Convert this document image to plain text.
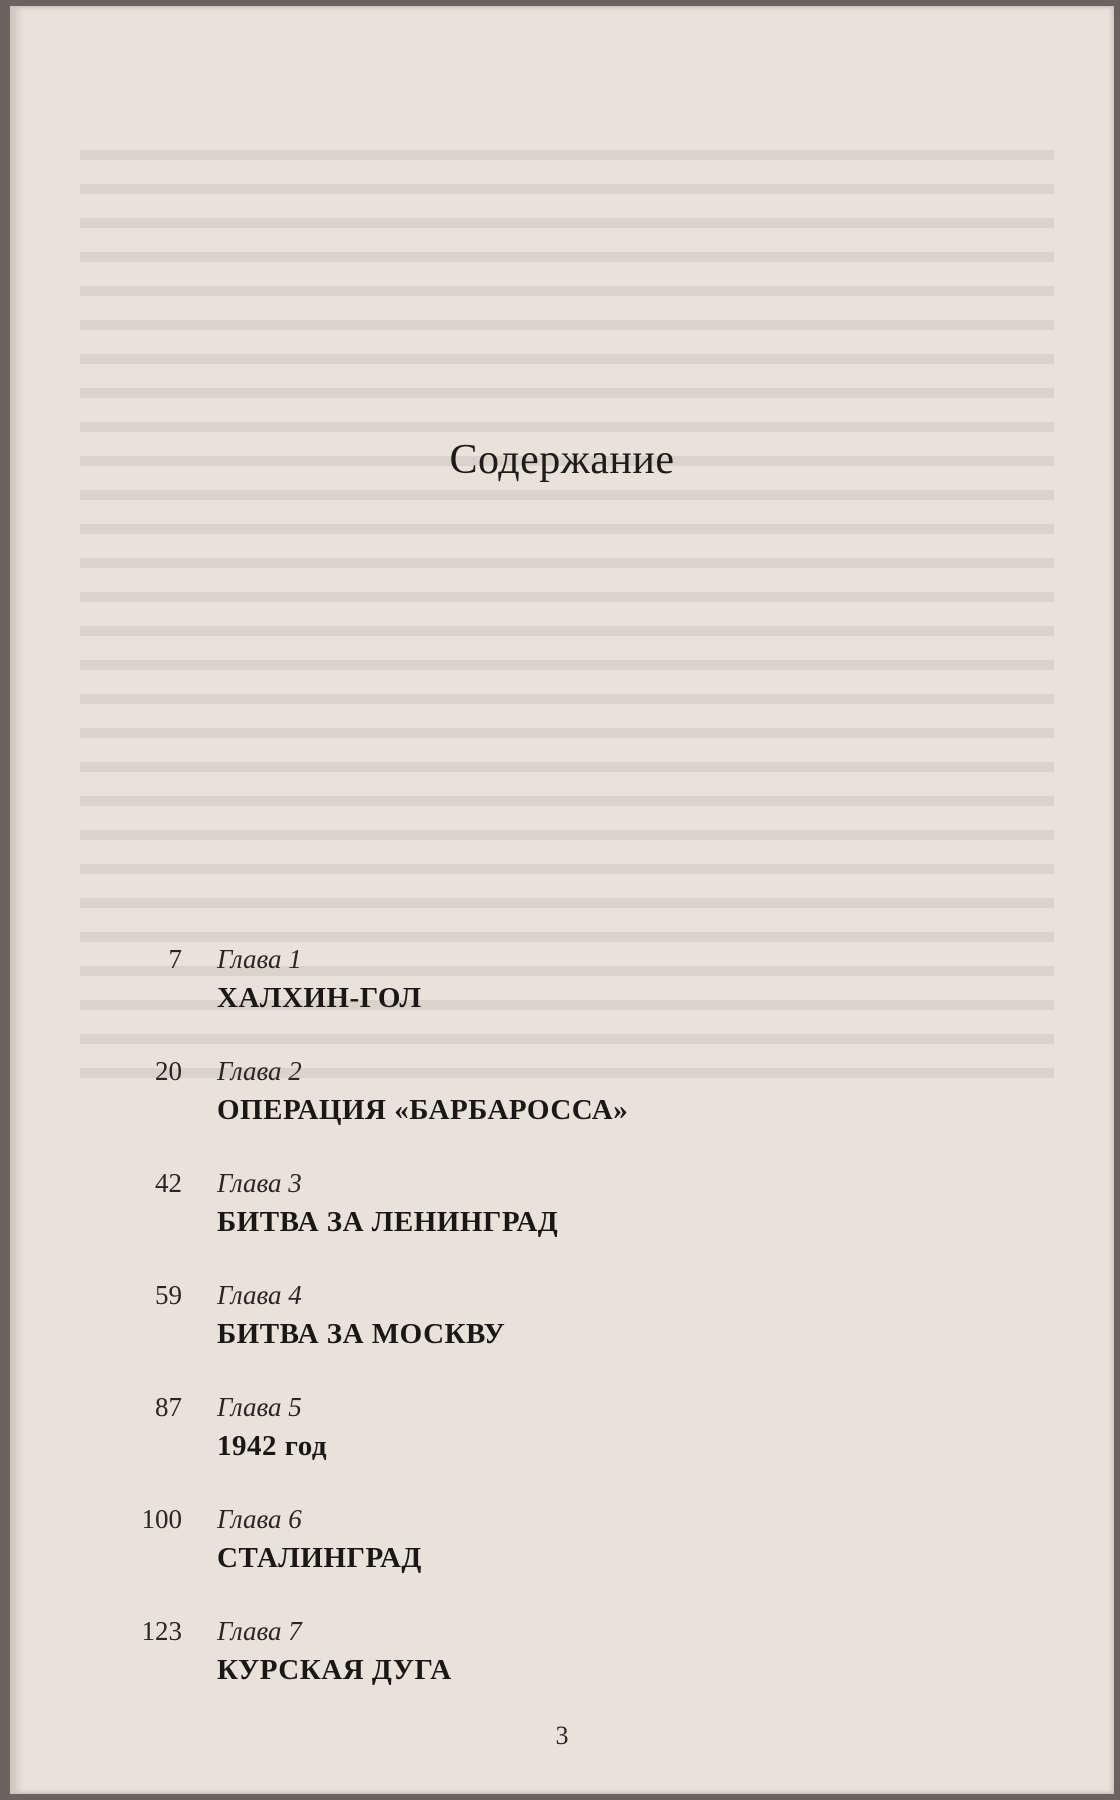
Содержание
7 Глава 1
ХАЛХИН-ГОЛ
20 Глава 2
ОПЕРАЦИЯ «БАРБАРОССА»
42 Глава 3
БИТВА ЗА ЛЕНИНГРАД
59 Глава 4
БИТВА ЗА МОСКВУ
87 Глава 5
1942 год
100 Глава 6
СТАЛИНГРАД
123 Глава 7
КУРСКАЯ ДУГА
3
